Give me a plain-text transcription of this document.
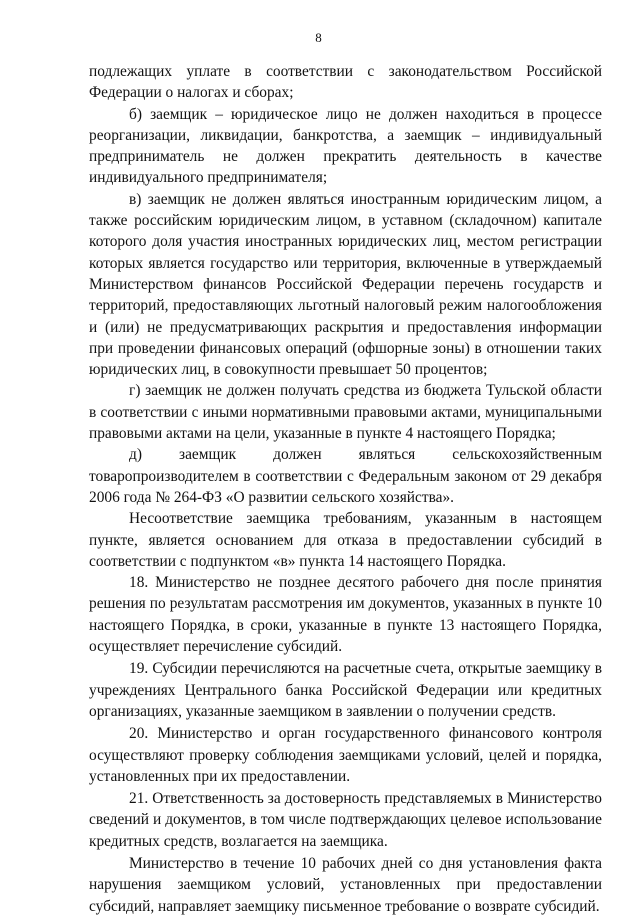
8

подлежащих уплате в соответствии с законодательством Российской Федерации о налогах и сборах;

б) заемщик – юридическое лицо не должен находиться в процессе реорганизации, ликвидации, банкротства, а заемщик – индивидуальный предприниматель не должен прекратить деятельность в качестве индивидуального предпринимателя;

в) заемщик не должен являться иностранным юридическим лицом, а также российским юридическим лицом, в уставном (складочном) капитале которого доля участия иностранных юридических лиц, местом регистрации которых является государство или территория, включенные в утверждаемый Министерством финансов Российской Федерации перечень государств и территорий, предоставляющих льготный налоговый режим налогообложения и (или) не предусматривающих раскрытия и предоставления информации при проведении финансовых операций (офшорные зоны) в отношении таких юридических лиц, в совокупности превышает 50 процентов;

г) заемщик не должен получать средства из бюджета Тульской области в соответствии с иными нормативными правовыми актами, муниципальными правовыми актами на цели, указанные в пункте 4 настоящего Порядка;

д) заемщик должен являться сельскохозяйственным товаропроизводителем в соответствии с Федеральным законом от 29 декабря 2006 года № 264-ФЗ «О развитии сельского хозяйства».

Несоответствие заемщика требованиям, указанным в настоящем пункте, является основанием для отказа в предоставлении субсидий в соответствии с подпунктом «в» пункта 14 настоящего Порядка.

18. Министерство не позднее десятого рабочего дня после принятия решения по результатам рассмотрения им документов, указанных в пункте 10 настоящего Порядка, в сроки, указанные в пункте 13 настоящего Порядка, осуществляет перечисление субсидий.

19. Субсидии перечисляются на расчетные счета, открытые заемщику в учреждениях Центрального банка Российской Федерации или кредитных организациях, указанные заемщиком в заявлении о получении средств.

20. Министерство и орган государственного финансового контроля осуществляют проверку соблюдения заемщиками условий, целей и порядка, установленных при их предоставлении.

21. Ответственность за достоверность представляемых в Министерство сведений и документов, в том числе подтверждающих целевое использование кредитных средств, возлагается на заемщика.

Министерство в течение 10 рабочих дней со дня установления факта нарушения заемщиком условий, установленных при предоставлении субсидий, направляет заемщику письменное требование о возврате субсидий.
